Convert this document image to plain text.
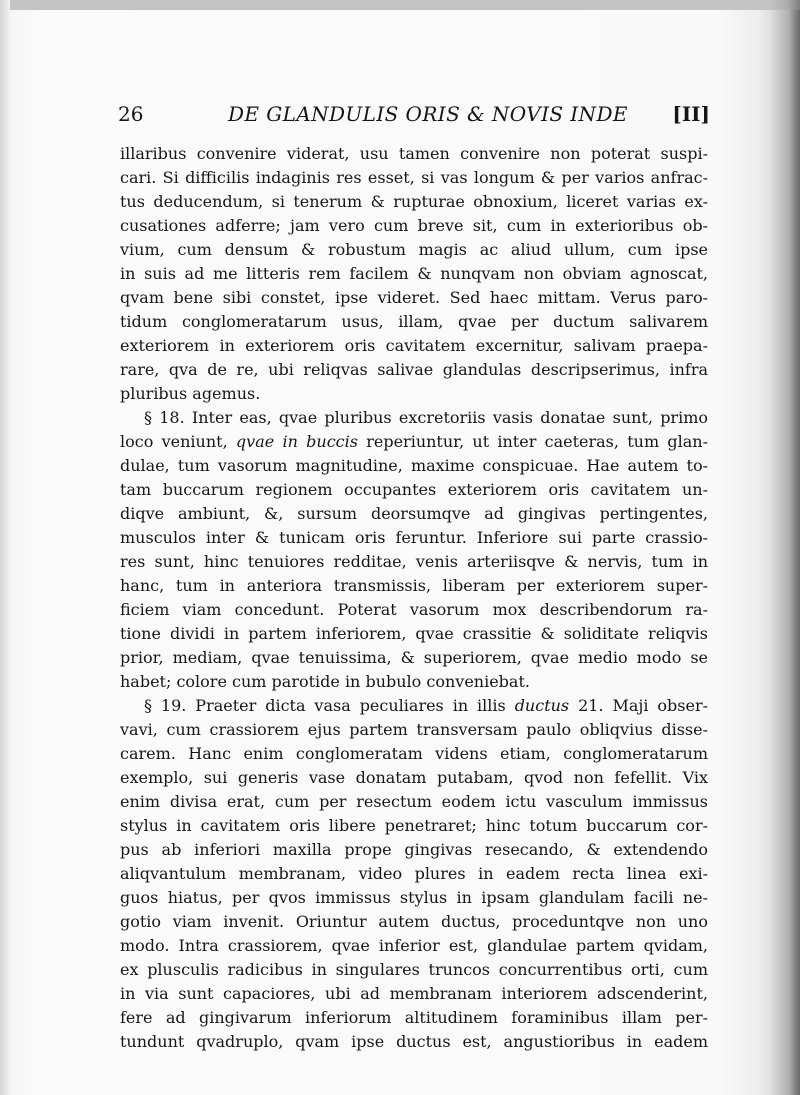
26	DE GLANDULIS ORIS & NOVIS INDE [II]
illaribus convenire viderat, usu tamen convenire non poterat suspi-
cari. Si difficilis indaginis res esset, si vas longum & per varios anfrac-
tus deducendum, si tenerum & rupturae obnoxium, liceret varias ex-
cusationes adferre; jam vero cum breve sit, cum in exterioribus ob-
vium, cum densum & robustum magis ac aliud ullum, cum ipse
in suis ad me litteris rem facilem & nunqvam non obviam agnoscat,
qvam bene sibi constet, ipse videret. Sed haec mittam. Verus paro-
tidum conglomeratarum usus, illam, qvae per ductum salivarem
exteriorem in exteriorem oris cavitatem excernitur, salivam praepa-
rare, qva de re, ubi reliqvas salivae glandulas descripserimus, infra
pluribus agemus.
§ 18. Inter eas, qvae pluribus excretoriis vasis donatae sunt, primo
loco veniunt, qvae in buccis reperiuntur, ut inter caeteras, tum glan-
dulae, tum vasorum magnitudine, maxime conspicuae. Hae autem to-
tam buccarum regionem occupantes exteriorem oris cavitatem un-
diqve ambiunt, &, sursum deorsumqve ad gingivas pertingentes,
musculos inter & tunicam oris feruntur. Inferiore sui parte crassio-
res sunt, hinc tenuiores redditae, venis arteriisqve & nervis, tum in
hanc, tum in anteriora transmissis, liberam per exteriorem super-
ficiem viam concedunt. Poterat vasorum mox describendorum ra-
tione dividi in partem inferiorem, qvae crassitie & soliditate reliqvis
prior, mediam, qvae tenuissima, & superiorem, qvae medio modo se
habet; colore cum parotide in bubulo conveniebat.
§ 19. Praeter dicta vasa peculiares in illis ductus 21. Maji obser-
vavi, cum crassiorem ejus partem transversam paulo obliqvius disse-
carem. Hanc enim conglomeratam videns etiam, conglomeratarum
exemplo, sui generis vase donatam putabam, qvod non fefellit. Vix
enim divisa erat, cum per resectum eodem ictu vasculum immissus
stylus in cavitatem oris libere penetraret; hinc totum buccarum cor-
pus ab inferiori maxilla prope gingivas resecando, & extendendo
aliqvantulum membranam, video plures in eadem recta linea exi-
guos hiatus, per qvos immissus stylus in ipsam glandulam facili ne-
gotio viam invenit. Oriuntur autem ductus, proceduntqve non uno
modo. Intra crassiorem, qvae inferior est, glandulae partem qvidam,
ex plusculis radicibus in singulares truncos concurrentibus orti, cum
in via sunt capaciores, ubi ad membranam interiorem adscenderint,
fere ad gingivarum inferiorum altitudinem foraminibus illam per-
tundunt qvadruplo, qvam ipse ductus est, angustioribus in eadem
